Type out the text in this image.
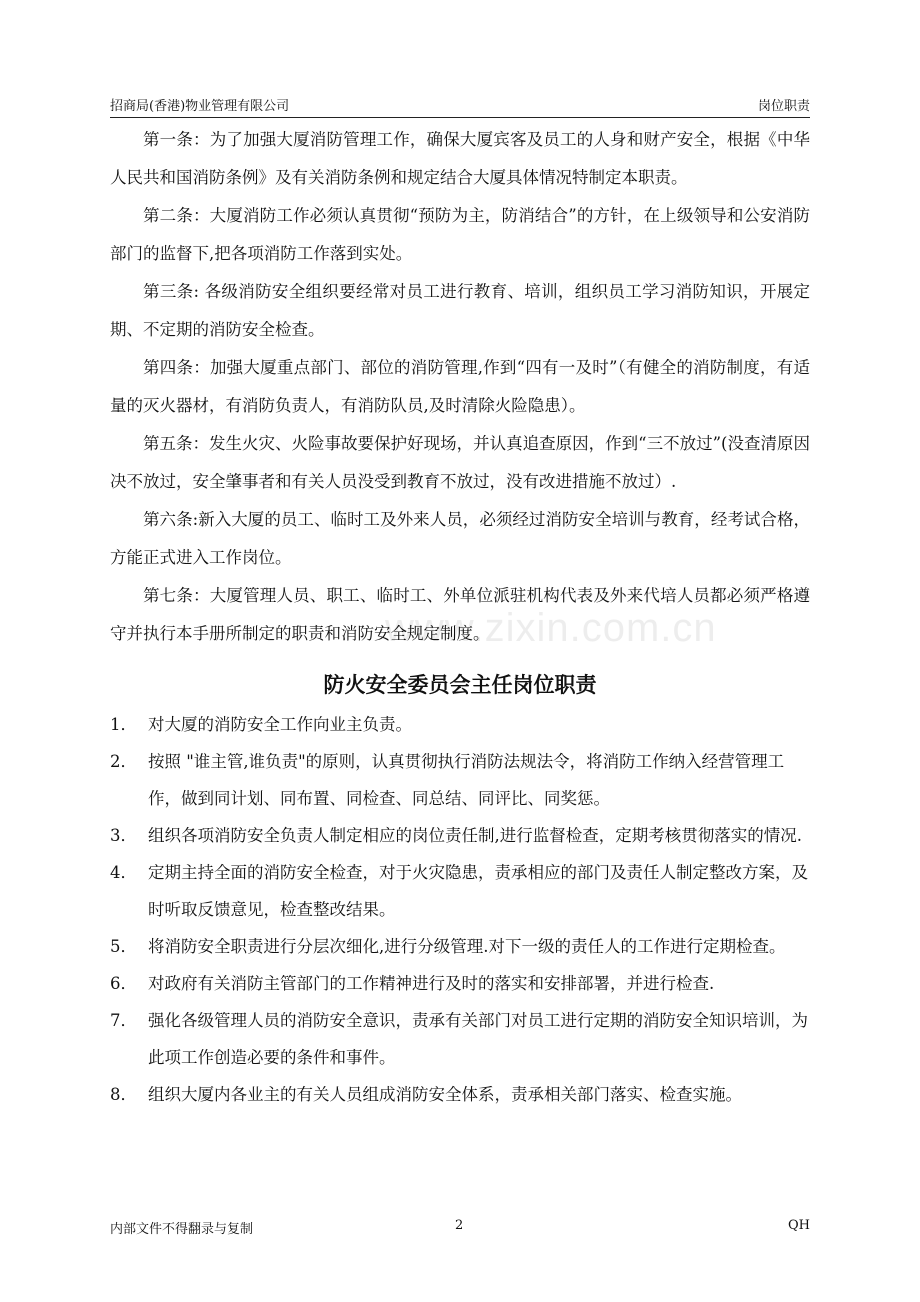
招商局(香港)物业管理有限公司	岗位职责

第一条：为了加强大厦消防管理工作，确保大厦宾客及员工的人身和财产安全，根据《中华人民共和国消防条例》及有关消防条例和规定结合大厦具体情况特制定本职责。

第二条：大厦消防工作必须认真贯彻“预防为主，防消结合”的方针，在上级领导和公安消防部门的监督下,把各项消防工作落到实处。

第三条: 各级消防安全组织要经常对员工进行教育、培训，组织员工学习消防知识，开展定期、不定期的消防安全检查。

第四条：加强大厦重点部门、部位的消防管理,作到“四有一及时”（有健全的消防制度，有适量的灭火器材，有消防负责人，有消防队员,及时清除火险隐患）。

第五条：发生火灾、火险事故要保护好现场，并认真追查原因，作到“三不放过”(没查清原因决不放过，安全肇事者和有关人员没受到教育不放过，没有改进措施不放过）.

第六条:新入大厦的员工、临时工及外来人员，必须经过消防安全培训与教育，经考试合格，方能正式进入工作岗位。

第七条：大厦管理人员、职工、临时工、外单位派驻机构代表及外来代培人员都必须严格遵守并执行本手册所制定的职责和消防安全规定制度。

www.zixin.com.cn
防火安全委员会主任岗位职责

1． 对大厦的消防安全工作向业主负责。

2． 按照 "谁主管,谁负责"的原则，认真贯彻执行消防法规法令，将消防工作纳入经营管理工作，做到同计划、同布置、同检查、同总结、同评比、同奖惩。

3． 组织各项消防安全负责人制定相应的岗位责任制,进行监督检查，定期考核贯彻落实的情况.

4． 定期主持全面的消防安全检查，对于火灾隐患，责承相应的部门及责任人制定整改方案，及时听取反馈意见，检查整改结果。

5． 将消防安全职责进行分层次细化,进行分级管理.对下一级的责任人的工作进行定期检查。

6． 对政府有关消防主管部门的工作精神进行及时的落实和安排部署，并进行检查.

7． 强化各级管理人员的消防安全意识，责承有关部门对员工进行定期的消防安全知识培训，为此项工作创造必要的条件和事件。

8． 组织大厦内各业主的有关人员组成消防安全体系，责承相关部门落实、检查实施。

内部文件不得翻录与复制	2	QH
